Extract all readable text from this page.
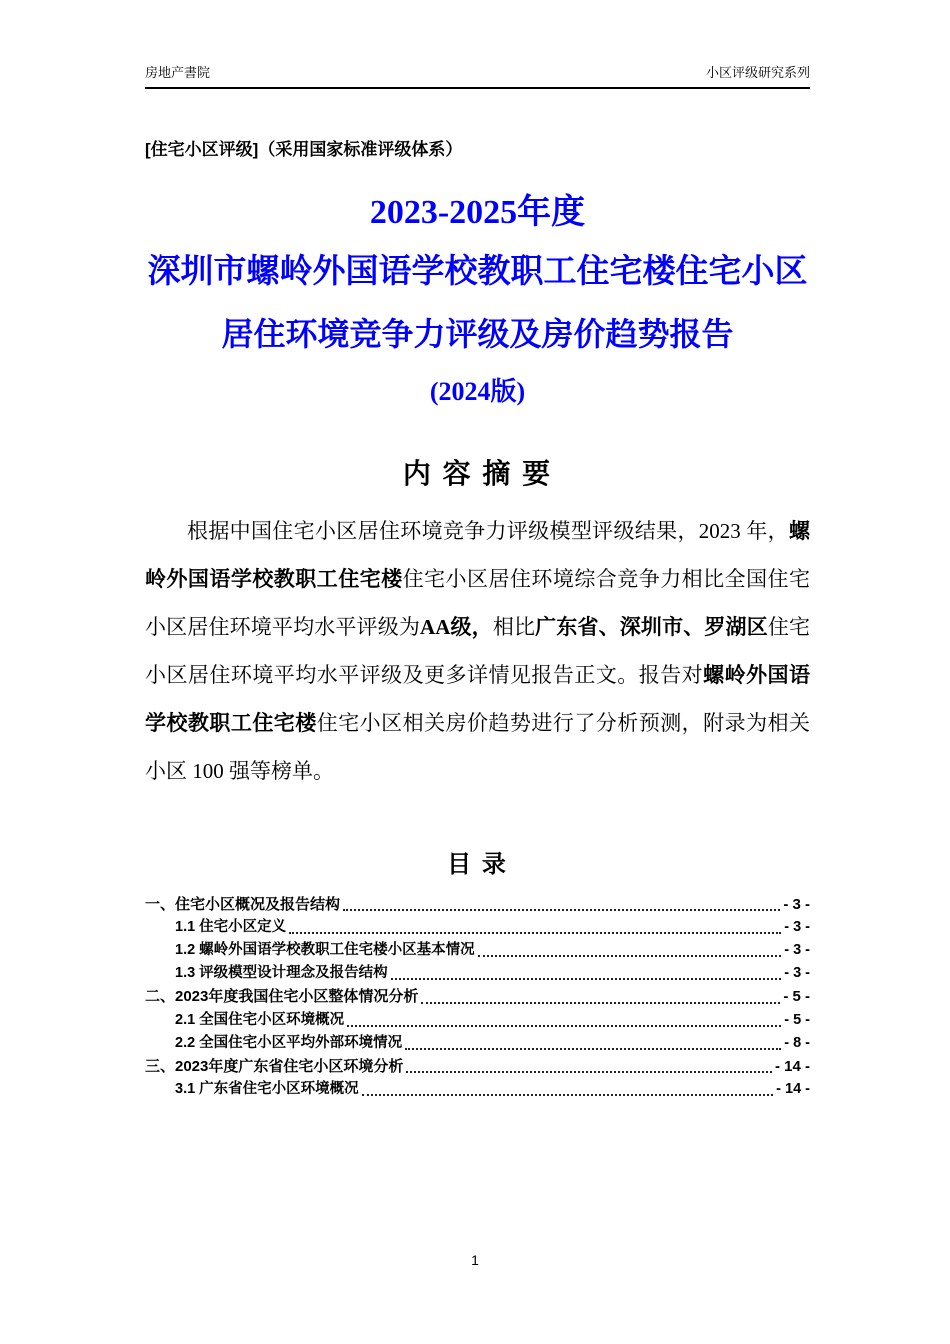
房地产書院	小区评级研究系列
[住宅小区评级]（采用国家标准评级体系）
2023-2025年度
深圳市螺岭外国语学校教职工住宅楼住宅小区
居住环境竞争力评级及房价趋势报告
(2024版)
内 容 摘 要
根据中国住宅小区居住环境竞争力评级模型评级结果，2023 年，螺岭外国语学校教职工住宅楼住宅小区居住环境综合竞争力相比全国住宅小区居住环境平均水平评级为AA级，相比广东省、深圳市、罗湖区住宅小区居住环境平均水平评级及更多详情见报告正文。报告对螺岭外国语学校教职工住宅楼住宅小区相关房价趋势进行了分析预测，附录为相关小区 100 强等榜单。
目 录
一、住宅小区概况及报告结构	- 3 -
1.1 住宅小区定义	- 3 -
1.2 螺岭外国语学校教职工住宅楼小区基本情况	- 3 -
1.3 评级模型设计理念及报告结构	- 3 -
二、2023年度我国住宅小区整体情况分析	- 5 -
2.1 全国住宅小区环境概况	- 5 -
2.2 全国住宅小区平均外部环境情况	- 8 -
三、2023年度广东省住宅小区环境分析	- 14 -
3.1 广东省住宅小区环境概况	- 14 -
1
